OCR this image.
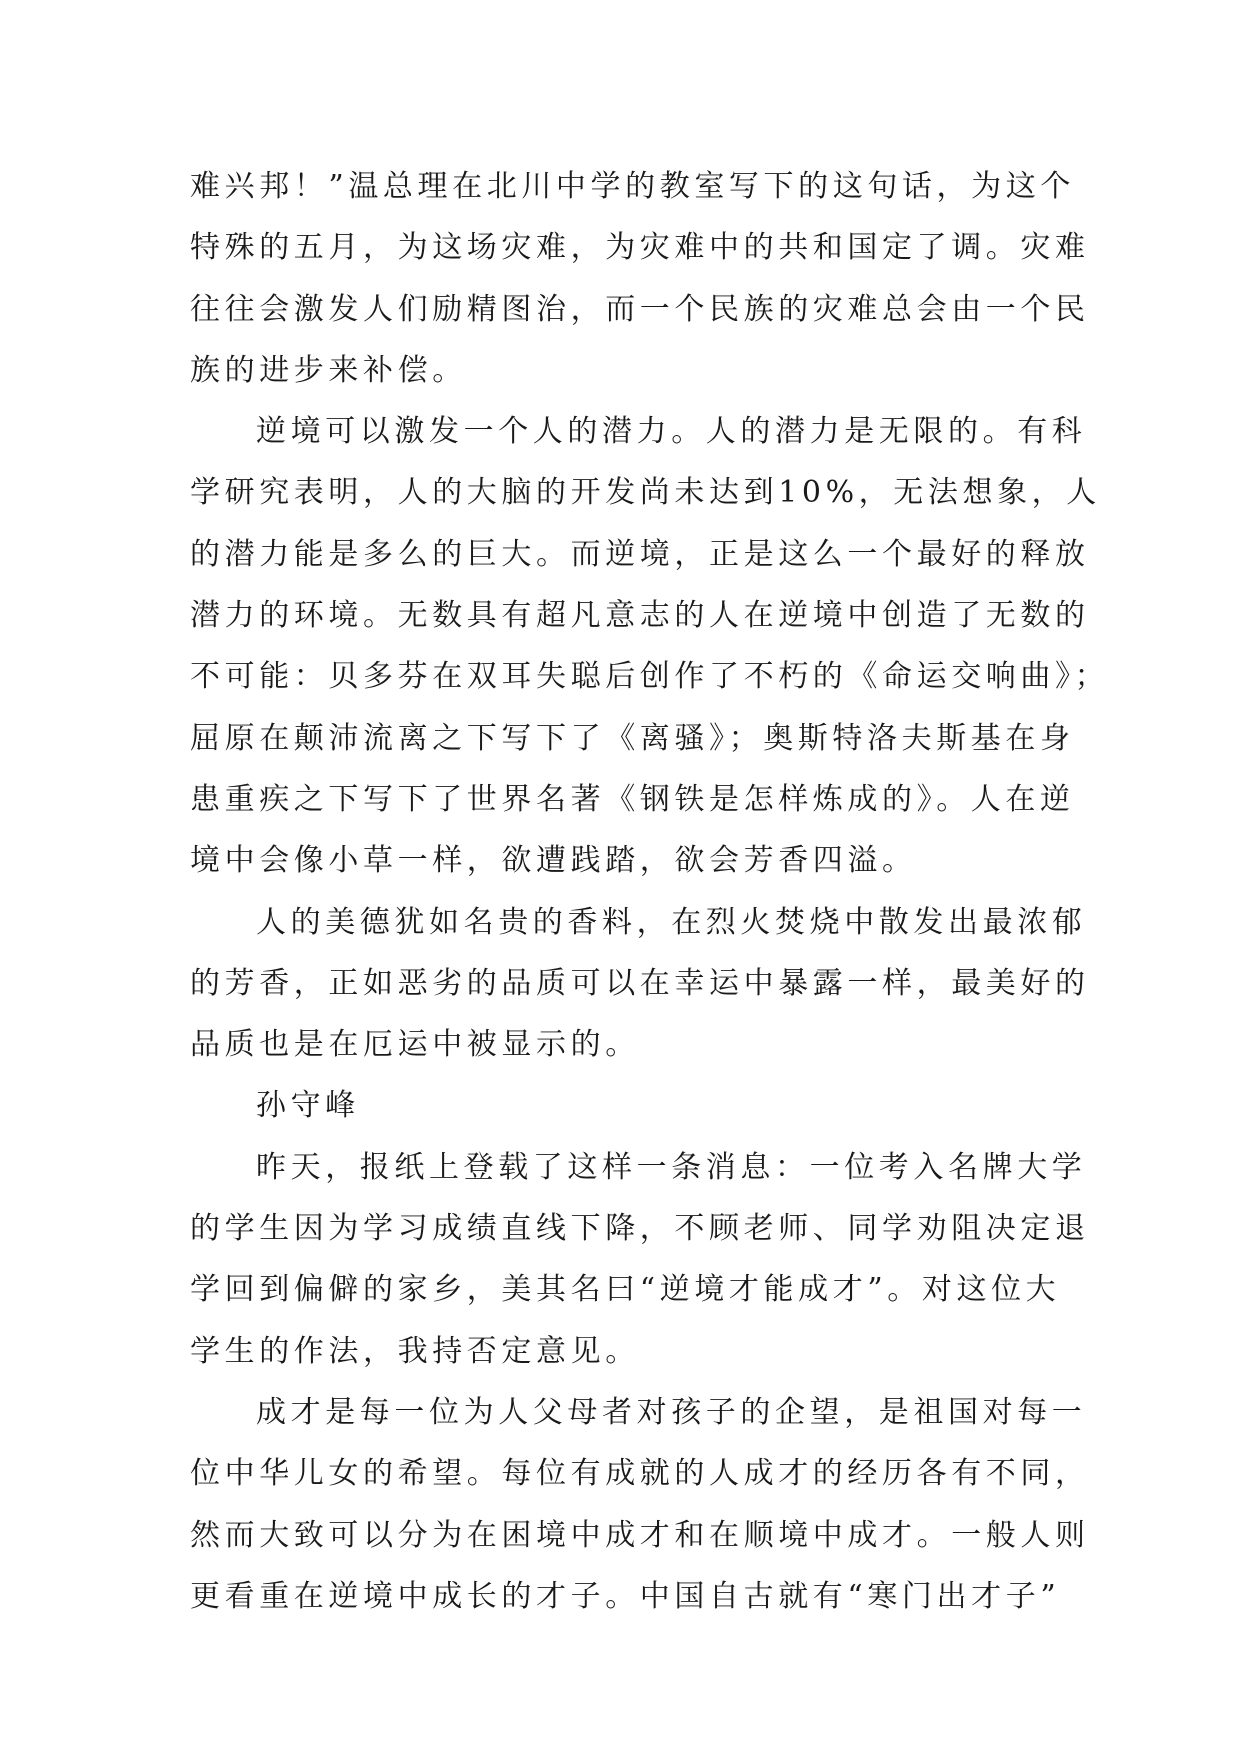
难兴邦！”温总理在北川中学的教室写下的这句话，为这个
特殊的五月，为这场灾难，为灾难中的共和国定了调。灾难
往往会激发人们励精图治，而一个民族的灾难总会由一个民
族的进步来补偿。
逆境可以激发一个人的潜力。人的潜力是无限的。有科
学研究表明，人的大脑的开发尚未达到10%，无法想象，人
的潜力能是多么的巨大。而逆境，正是这么一个最好的释放
潜力的环境。无数具有超凡意志的人在逆境中创造了无数的
不可能：贝多芬在双耳失聪后创作了不朽的《命运交响曲》；
屈原在颠沛流离之下写下了《离骚》；奥斯特洛夫斯基在身
患重疾之下写下了世界名著《钢铁是怎样炼成的》。人在逆
境中会像小草一样，欲遭践踏，欲会芳香四溢。
人的美德犹如名贵的香料，在烈火焚烧中散发出最浓郁
的芳香，正如恶劣的品质可以在幸运中暴露一样，最美好的
品质也是在厄运中被显示的。
孙守峰
昨天，报纸上登载了这样一条消息：一位考入名牌大学
的学生因为学习成绩直线下降，不顾老师、同学劝阻决定退
学回到偏僻的家乡，美其名曰“逆境才能成才”。对这位大
学生的作法，我持否定意见。
成才是每一位为人父母者对孩子的企望，是祖国对每一
位中华儿女的希望。每位有成就的人成才的经历各有不同，
然而大致可以分为在困境中成才和在顺境中成才。一般人则
更看重在逆境中成长的才子。中国自古就有“寒门出才子”
